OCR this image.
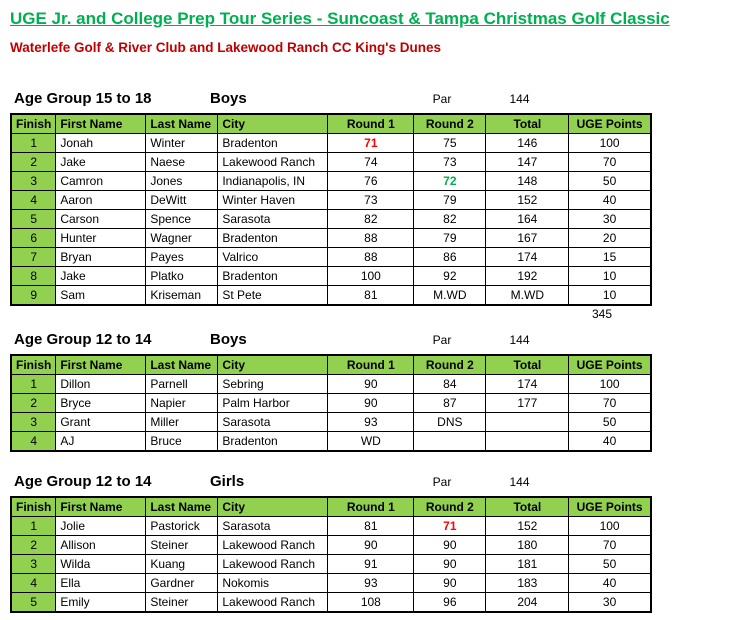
UGE Jr. and College Prep Tour Series - Suncoast & Tampa Christmas Golf Classic
Waterlefe Golf & River Club and Lakewood Ranch CC King's Dunes
Age Group 15 to 18	Boys	Par	144
Finish	First Name	Last Name	City	Round 1	Round 2	Total	UGE Points
1	Jonah	Winter	Bradenton	71	75	146	100
2	Jake	Naese	Lakewood Ranch	74	73	147	70
3	Camron	Jones	Indianapolis, IN	76	72	148	50
4	Aaron	DeWitt	Winter Haven	73	79	152	40
5	Carson	Spence	Sarasota	82	82	164	30
6	Hunter	Wagner	Bradenton	88	79	167	20
7	Bryan	Payes	Valrico	88	86	174	15
8	Jake	Platko	Bradenton	100	92	192	10
9	Sam	Kriseman	St Pete	81	M.WD	M.WD	10
345
Age Group 12 to 14	Boys	Par	144
Finish	First Name	Last Name	City	Round 1	Round 2	Total	UGE Points
1	Dillon	Parnell	Sebring	90	84	174	100
2	Bryce	Napier	Palm Harbor	90	87	177	70
3	Grant	Miller	Sarasota	93	DNS		50
4	AJ	Bruce	Bradenton	WD			40
Age Group 12 to 14	Girls	Par	144
Finish	First Name	Last Name	City	Round 1	Round 2	Total	UGE Points
1	Jolie	Pastorick	Sarasota	81	71	152	100
2	Allison	Steiner	Lakewood Ranch	90	90	180	70
3	Wilda	Kuang	Lakewood Ranch	91	90	181	50
4	Ella	Gardner	Nokomis	93	90	183	40
5	Emily	Steiner	Lakewood Ranch	108	96	204	30
